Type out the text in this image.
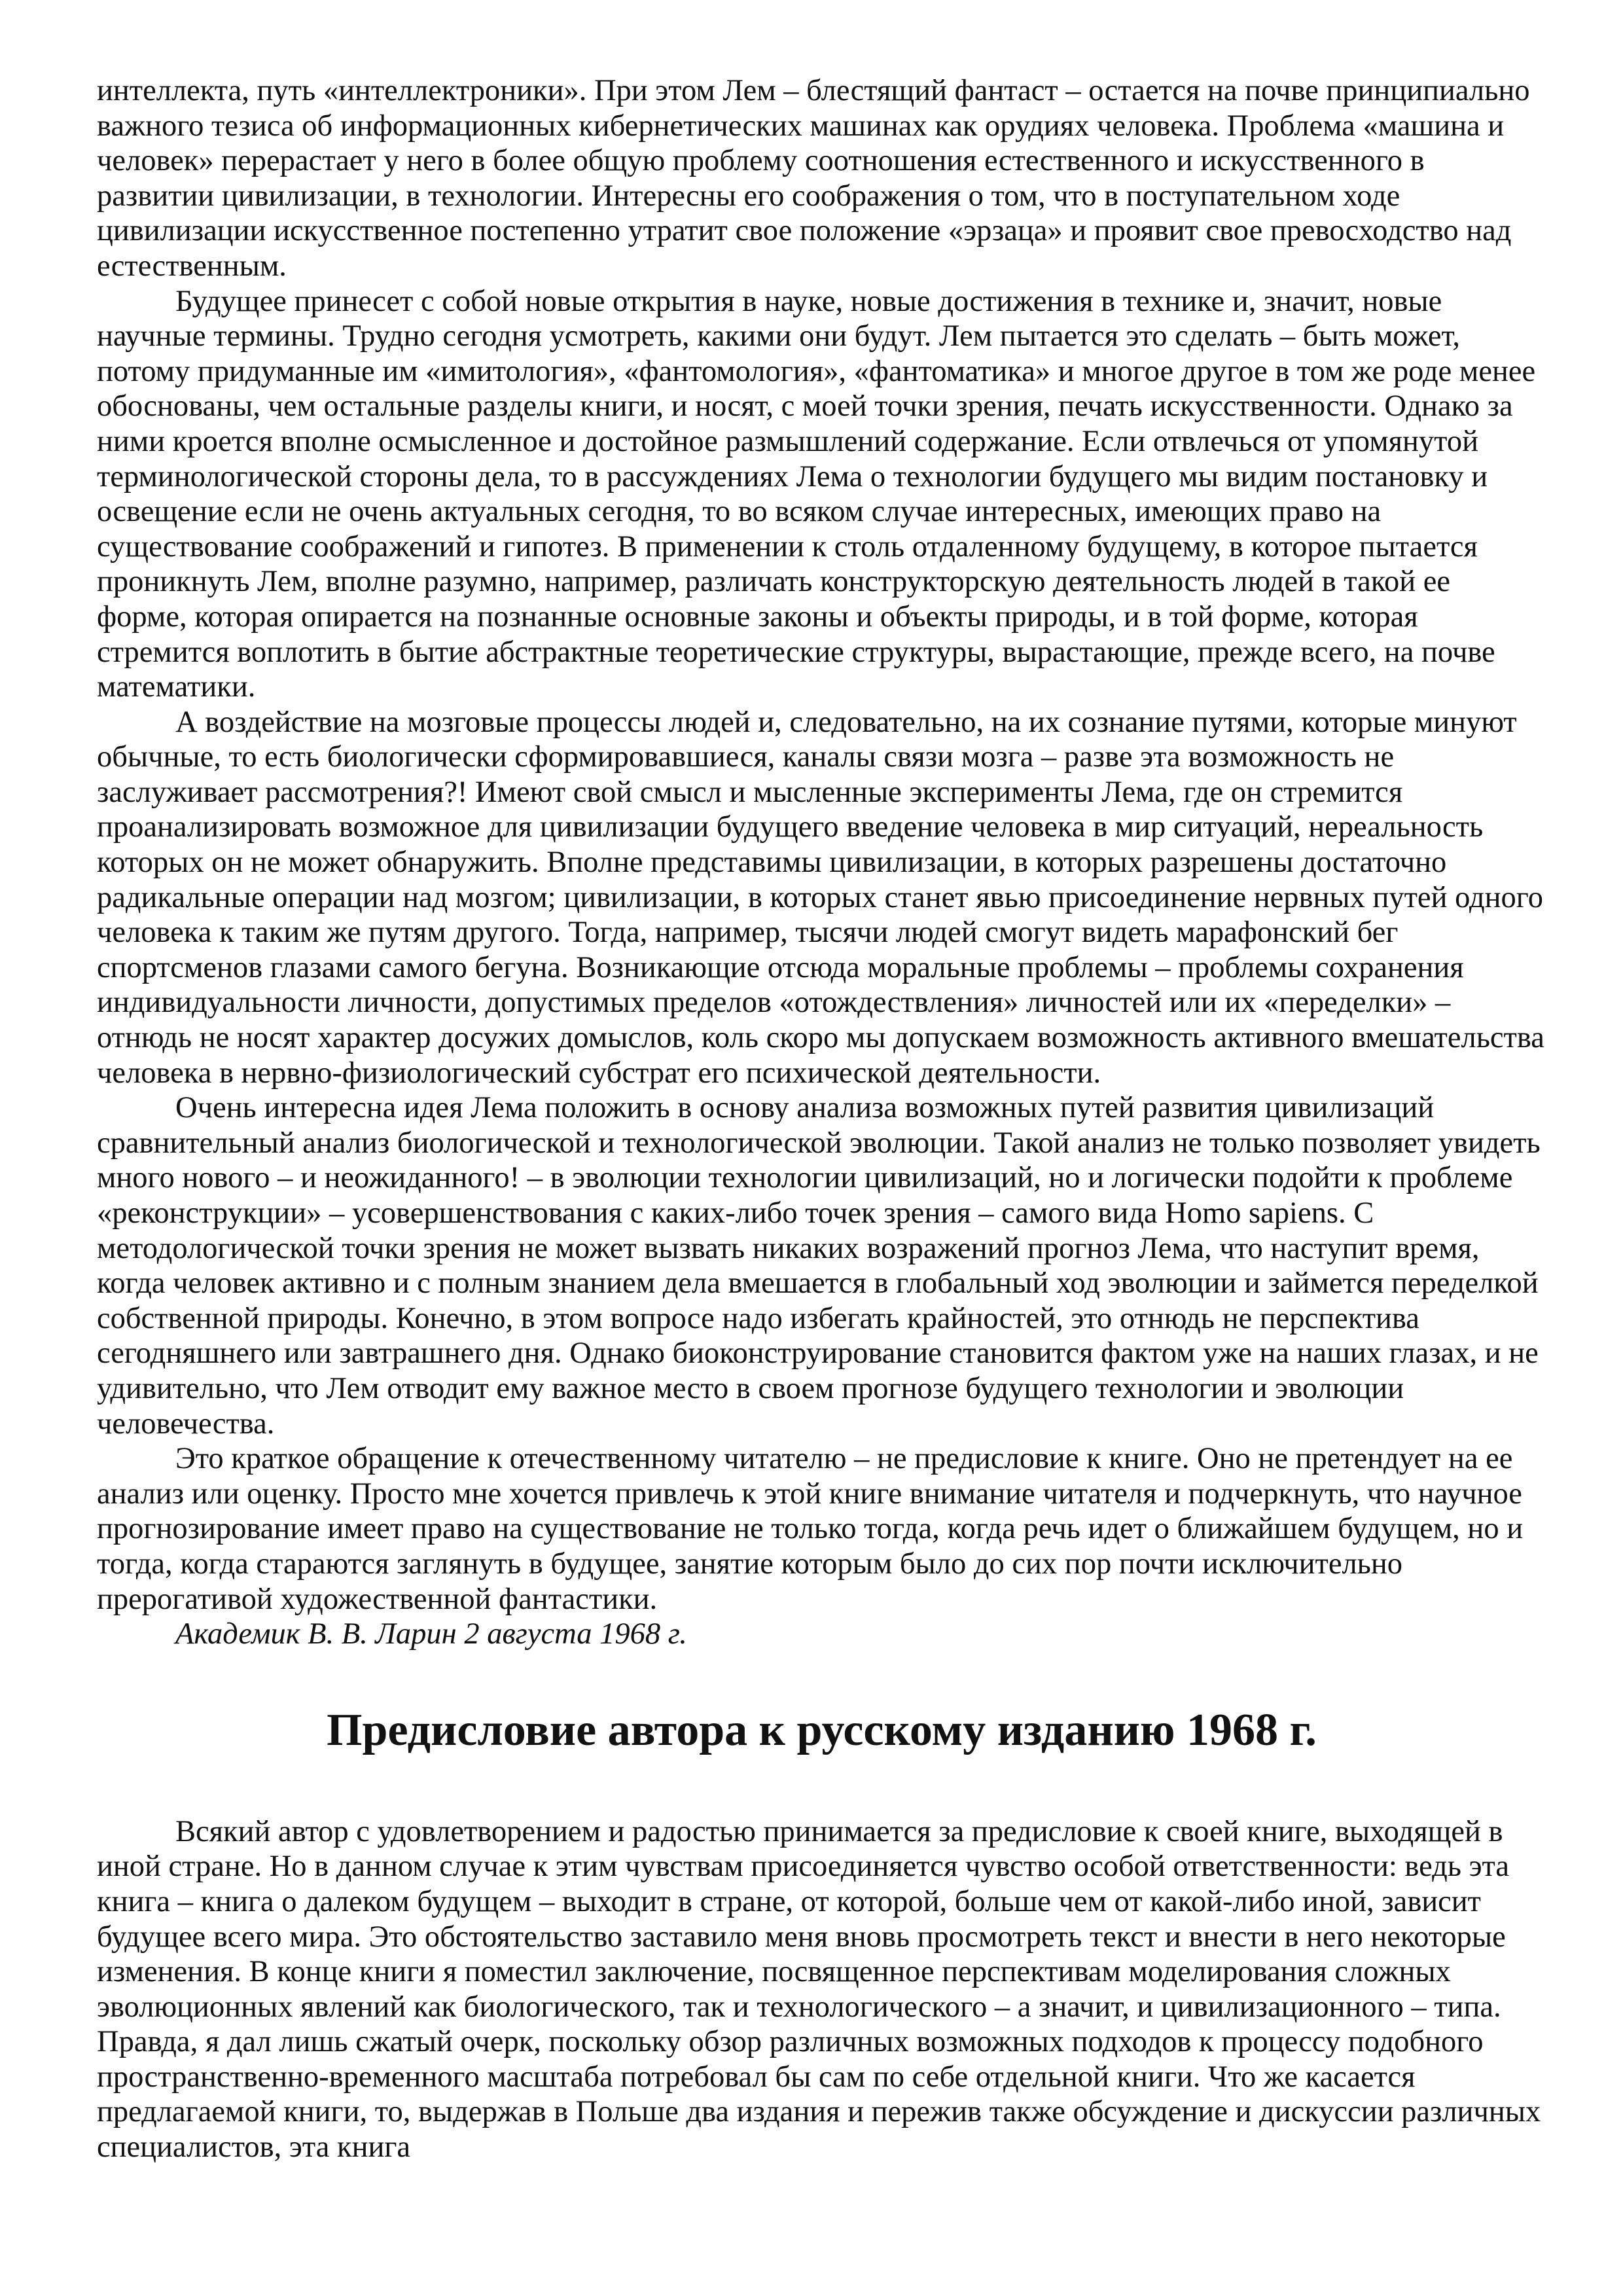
интеллекта, путь «интеллектроники». При этом Лем – блестящий фантаст – остается на почве принципиально важного тезиса об информационных кибернетических машинах как орудиях человека. Проблема «машина и человек» перерастает у него в более общую проблему соотношения естественного и искусственного в развитии цивилизации, в технологии. Интересны его соображения о том, что в поступательном ходе цивилизации искусственное постепенно утратит свое положение «эрзаца» и проявит свое превосходство над естественным.

Будущее принесет с собой новые открытия в науке, новые достижения в технике и, значит, новые научные термины. Трудно сегодня усмотреть, какими они будут. Лем пытается это сделать – быть может, потому придуманные им «имитология», «фантомология», «фантоматика» и многое другое в том же роде менее обоснованы, чем остальные разделы книги, и носят, с моей точки зрения, печать искусственности. Однако за ними кроется вполне осмысленное и достойное размышлений содержание. Если отвлечься от упомянутой терминологической стороны дела, то в рассуждениях Лема о технологии будущего мы видим постановку и освещение если не очень актуальных сегодня, то во всяком случае интересных, имеющих право на существование соображений и гипотез. В применении к столь отдаленному будущему, в которое пытается проникнуть Лем, вполне разумно, например, различать конструкторскую деятельность людей в такой ее форме, которая опирается на познанные основные законы и объекты природы, и в той форме, которая стремится воплотить в бытие абстрактные теоретические структуры, вырастающие, прежде всего, на почве математики.

А воздействие на мозговые процессы людей и, следовательно, на их сознание путями, которые минуют обычные, то есть биологически сформировавшиеся, каналы связи мозга – разве эта возможность не заслуживает рассмотрения?! Имеют свой смысл и мысленные эксперименты Лема, где он стремится проанализировать возможное для цивилизации будущего введение человека в мир ситуаций, нереальность которых он не может обнаружить. Вполне представимы цивилизации, в которых разрешены достаточно радикальные операции над мозгом; цивилизации, в которых станет явью присоединение нервных путей одного человека к таким же путям другого. Тогда, например, тысячи людей смогут видеть марафонский бег спортсменов глазами самого бегуна. Возникающие отсюда моральные проблемы – проблемы сохранения индивидуальности личности, допустимых пределов «отождествления» личностей или их «переделки» – отнюдь не носят характер досужих домыслов, коль скоро мы допускаем возможность активного вмешательства человека в нервно-физиологический субстрат его психической деятельности.

Очень интересна идея Лема положить в основу анализа возможных путей развития цивилизаций сравнительный анализ биологической и технологической эволюции. Такой анализ не только позволяет увидеть много нового – и неожиданного! – в эволюции технологии цивилизаций, но и логически подойти к проблеме «реконструкции» – усовершенствования с каких-либо точек зрения – самого вида Homo sapiens. С методологической точки зрения не может вызвать никаких возражений прогноз Лема, что наступит время, когда человек активно и с полным знанием дела вмешается в глобальный ход эволюции и займется переделкой собственной природы. Конечно, в этом вопросе надо избегать крайностей, это отнюдь не перспектива сегодняшнего или завтрашнего дня. Однако биоконструирование становится фактом уже на наших глазах, и не удивительно, что Лем отводит ему важное место в своем прогнозе будущего технологии и эволюции человечества.

Это краткое обращение к отечественному читателю – не предисловие к книге. Оно не претендует на ее анализ или оценку. Просто мне хочется привлечь к этой книге внимание читателя и подчеркнуть, что научное прогнозирование имеет право на существование не только тогда, когда речь идет о ближайшем будущем, но и тогда, когда стараются заглянуть в будущее, занятие которым было до сих пор почти исключительно прерогативой художественной фантастики.

Академик В. В. Ларин 2 августа 1968 г.

Предисловие автора к русскому изданию 1968 г.

Всякий автор с удовлетворением и радостью принимается за предисловие к своей книге, выходящей в иной стране. Но в данном случае к этим чувствам присоединяется чувство особой ответственности: ведь эта книга – книга о далеком будущем – выходит в стране, от которой, больше чем от какой-либо иной, зависит будущее всего мира. Это обстоятельство заставило меня вновь просмотреть текст и внести в него некоторые изменения. В конце книги я поместил заключение, посвященное перспективам моделирования сложных эволюционных явлений как биологического, так и технологического – а значит, и цивилизационного – типа. Правда, я дал лишь сжатый очерк, поскольку обзор различных возможных подходов к процессу подобного пространственно-временного масштаба потребовал бы сам по себе отдельной книги. Что же касается предлагаемой книги, то, выдержав в Польше два издания и пережив также обсуждение и дискуссии различных специалистов, эта книга
